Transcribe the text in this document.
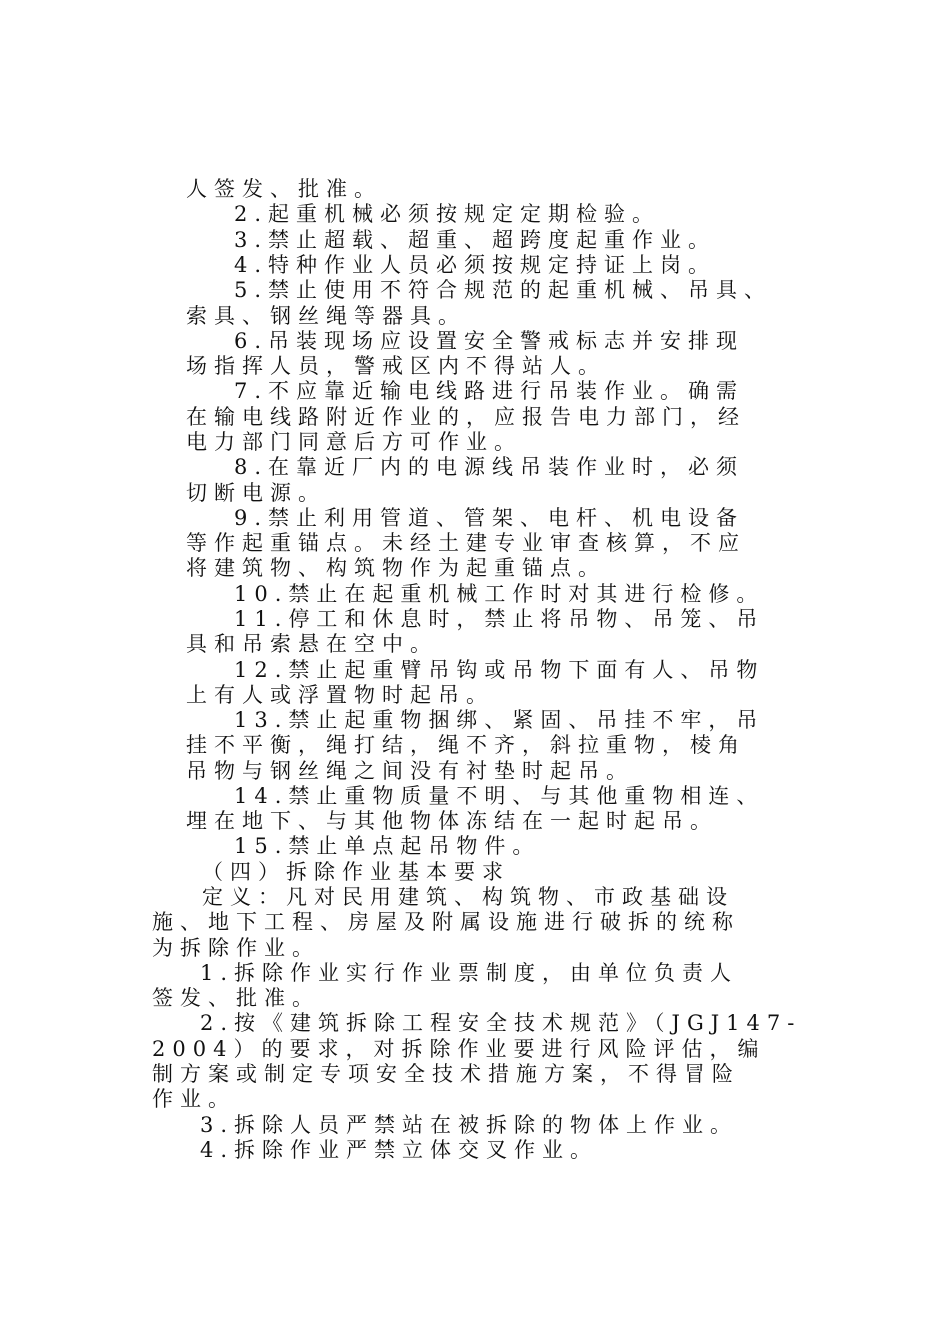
人签发、批准。
2.起重机械必须按规定定期检验。
3.禁止超载、超重、超跨度起重作业。
4.特种作业人员必须按规定持证上岗。
5.禁止使用不符合规范的起重机械、吊具、
索具、钢丝绳等器具。
6.吊装现场应设置安全警戒标志并安排现
场指挥人员，警戒区内不得站人。
7.不应靠近输电线路进行吊装作业。确需
在输电线路附近作业的，应报告电力部门，经
电力部门同意后方可作业。
8.在靠近厂内的电源线吊装作业时，必须
切断电源。
9.禁止利用管道、管架、电杆、机电设备
等作起重锚点。未经土建专业审查核算，不应
将建筑物、构筑物作为起重锚点。
10.禁止在起重机械工作时对其进行检修。
11.停工和休息时，禁止将吊物、吊笼、吊
具和吊索悬在空中。
12.禁止起重臂吊钩或吊物下面有人、吊物
上有人或浮置物时起吊。
13.禁止起重物捆绑、紧固、吊挂不牢，吊
挂不平衡，绳打结，绳不齐，斜拉重物，棱角
吊物与钢丝绳之间没有衬垫时起吊。
14.禁止重物质量不明、与其他重物相连、
埋在地下、与其他物体冻结在一起时起吊。
15.禁止单点起吊物件。
（四）拆除作业基本要求
定义：凡对民用建筑、构筑物、市政基础设
施、地下工程、房屋及附属设施进行破拆的统称
为拆除作业。
1.拆除作业实行作业票制度，由单位负责人
签发、批准。
2.按《建筑拆除工程安全技术规范》（JGJ147-
2004）的要求，对拆除作业要进行风险评估，编
制方案或制定专项安全技术措施方案，不得冒险
作业。
3.拆除人员严禁站在被拆除的物体上作业。
4.拆除作业严禁立体交叉作业。
